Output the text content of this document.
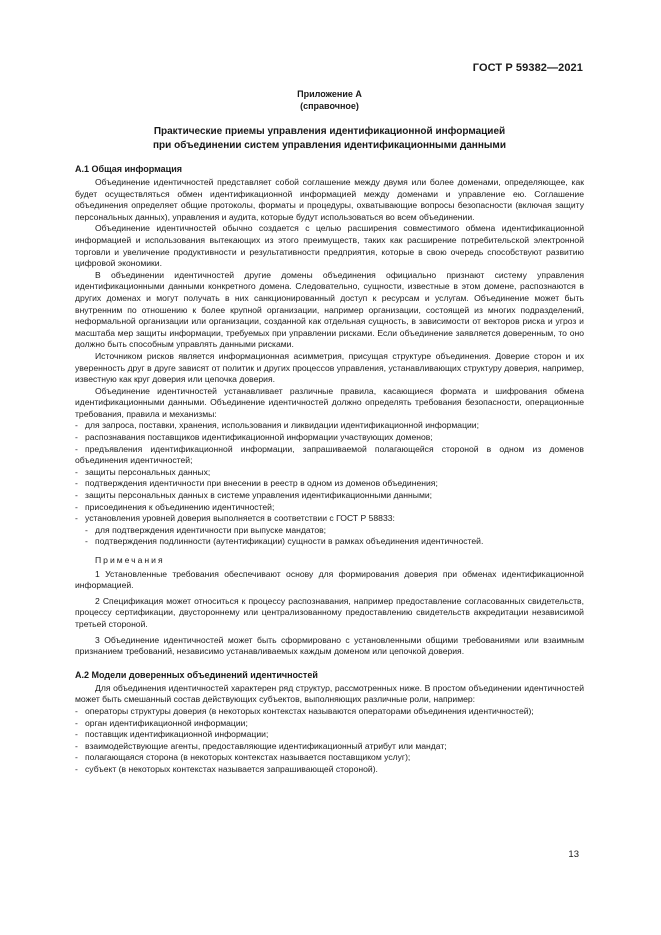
ГОСТ Р 59382—2021
Приложение А
(справочное)
Практические приемы управления идентификационной информацией
при объединении систем управления идентификационными данными
А.1 Общая информация

Объединение идентичностей представляет собой соглашение между двумя или более доменами, определяющее, как будет осуществляться обмен идентификационной информацией между доменами и управление ею. Соглашение объединения определяет общие протоколы, форматы и процедуры, охватывающие вопросы безопасности (включая защиту персональных данных), управления и аудита, которые будут использоваться во всем объединении.

Объединение идентичностей обычно создается с целью расширения совместимого обмена идентификационной информацией и использования вытекающих из этого преимуществ, таких как расширение потребительской электронной торговли и увеличение продуктивности и результативности предприятия, которые в свою очередь способствуют развитию цифровой экономики.

В объединении идентичностей другие домены объединения официально признают систему управления идентификационными данными конкретного домена. Следовательно, сущности, известные в этом домене, распознаются в других доменах и могут получать в них санкционированный доступ к ресурсам и услугам. Объединение может быть внутренним по отношению к более крупной организации, например организации, состоящей из многих подразделений, неформальной организации или организации, созданной как отдельная сущность, в зависимости от векторов риска и угроз и масштаба мер защиты информации, требуемых при управлении рисками. Если объединение заявляется доверенным, то оно должно быть способным управлять данными рисками.

Источником рисков является информационная асимметрия, присущая структуре объединения. Доверие сторон и их уверенность друг в друге зависят от политик и других процессов управления, устанавливающих структуру доверия, например, известную как круг доверия или цепочка доверия.

Объединение идентичностей устанавливает различные правила, касающиеся формата и шифрования обмена идентификационными данными. Объединение идентичностей должно определять требования безопасности, операционные требования, правила и механизмы:

- для запроса, поставки, хранения, использования и ликвидации идентификационной информации;

- распознавания поставщиков идентификационной информации участвующих доменов;

- предъявления идентификационной информации, запрашиваемой полагающейся стороной в одном из доменов объединения идентичностей;

- защиты персональных данных;

- подтверждения идентичности при внесении в реестр в одном из доменов объединения;

- защиты персональных данных в системе управления идентификационными данными;

- присоединения к объединению идентичностей;

- установления уровней доверия выполняется в соответствии с ГОСТ Р 58833:

- для подтверждения идентичности при выпуске мандатов;

- подтверждения подлинности (аутентификации) сущности в рамках объединения идентичностей.

Примечания

1 Установленные требования обеспечивают основу для формирования доверия при обменах идентификационной информацией.

2 Спецификация может относиться к процессу распознавания, например предоставление согласованных свидетельств, процессу сертификации, двустороннему или централизованному предоставлению свидетельств аккредитации независимой третьей стороной.

3 Объединение идентичностей может быть сформировано с установленными общими требованиями или взаимным признанием требований, независимо устанавливаемых каждым доменом или цепочкой доверия.

А.2 Модели доверенных объединений идентичностей

Для объединения идентичностей характерен ряд структур, рассмотренных ниже. В простом объединении идентичностей может быть смешанный состав действующих субъектов, выполняющих различные роли, например:

- операторы структуры доверия (в некоторых контекстах называются операторами объединения идентичностей);

- орган идентификационной информации;

- поставщик идентификационной информации;

- взаимодействующие агенты, предоставляющие идентификационный атрибут или мандат;

- полагающаяся сторона (в некоторых контекстах называется поставщиком услуг);

- субъект (в некоторых контекстах называется запрашивающей стороной).

13
